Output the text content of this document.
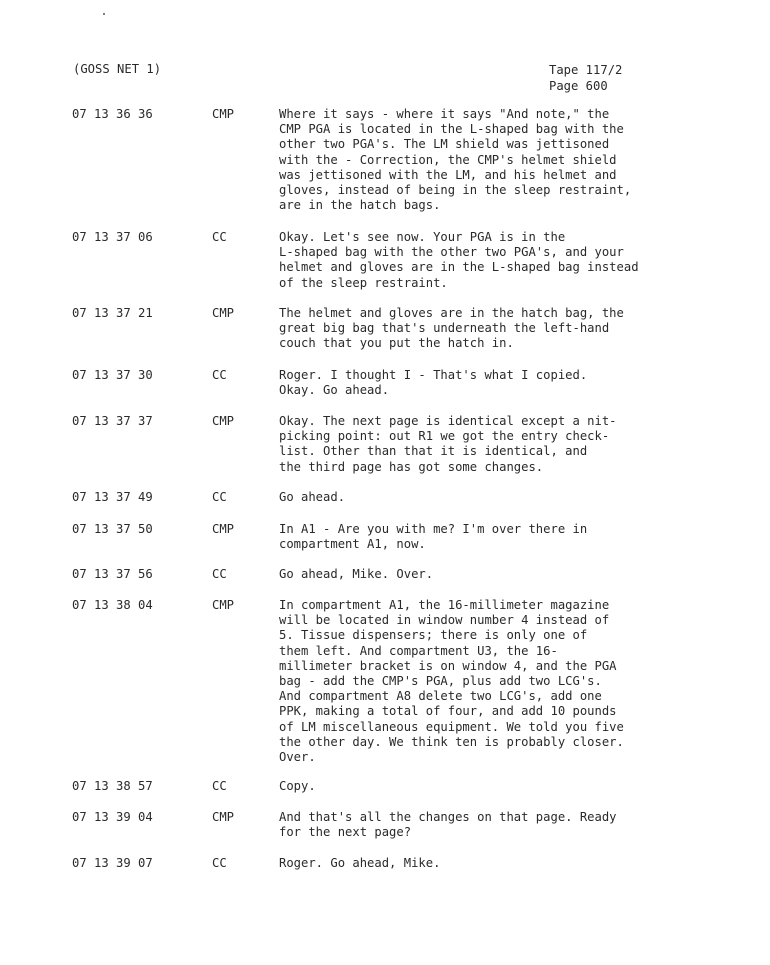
(GOSS NET 1)	Tape 117/2
Page 600
07 13 36 36	CMP	Where it says - where it says "And note," the
CMP PGA is located in the L-shaped bag with the
other two PGA's. The LM shield was jettisoned
with the - Correction, the CMP's helmet shield
was jettisoned with the LM, and his helmet and
gloves, instead of being in the sleep restraint,
are in the hatch bags.
07 13 37 06	CC	Okay. Let's see now. Your PGA is in the
L-shaped bag with the other two PGA's, and your
helmet and gloves are in the L-shaped bag instead
of the sleep restraint.
07 13 37 21	CMP	The helmet and gloves are in the hatch bag, the
great big bag that's underneath the left-hand
couch that you put the hatch in.
07 13 37 30	CC	Roger. I thought I - That's what I copied.
Okay. Go ahead.
07 13 37 37	CMP	Okay. The next page is identical except a nit-
picking point: out R1 we got the entry check-
list. Other than that it is identical, and
the third page has got some changes.
07 13 37 49	CC	Go ahead.
07 13 37 50	CMP	In A1 - Are you with me? I'm over there in
compartment A1, now.
07 13 37 56	CC	Go ahead, Mike. Over.
07 13 38 04	CMP	In compartment A1, the 16-millimeter magazine
will be located in window number 4 instead of
5. Tissue dispensers; there is only one of
them left. And compartment U3, the 16-
millimeter bracket is on window 4, and the PGA
bag - add the CMP's PGA, plus add two LCG's.
And compartment A8 delete two LCG's, add one
PPK, making a total of four, and add 10 pounds
of LM miscellaneous equipment. We told you five
the other day. We think ten is probably closer.
Over.
07 13 38 57	CC	Copy.
07 13 39 04	CMP	And that's all the changes on that page. Ready
for the next page?
07 13 39 07	CC	Roger. Go ahead, Mike.
